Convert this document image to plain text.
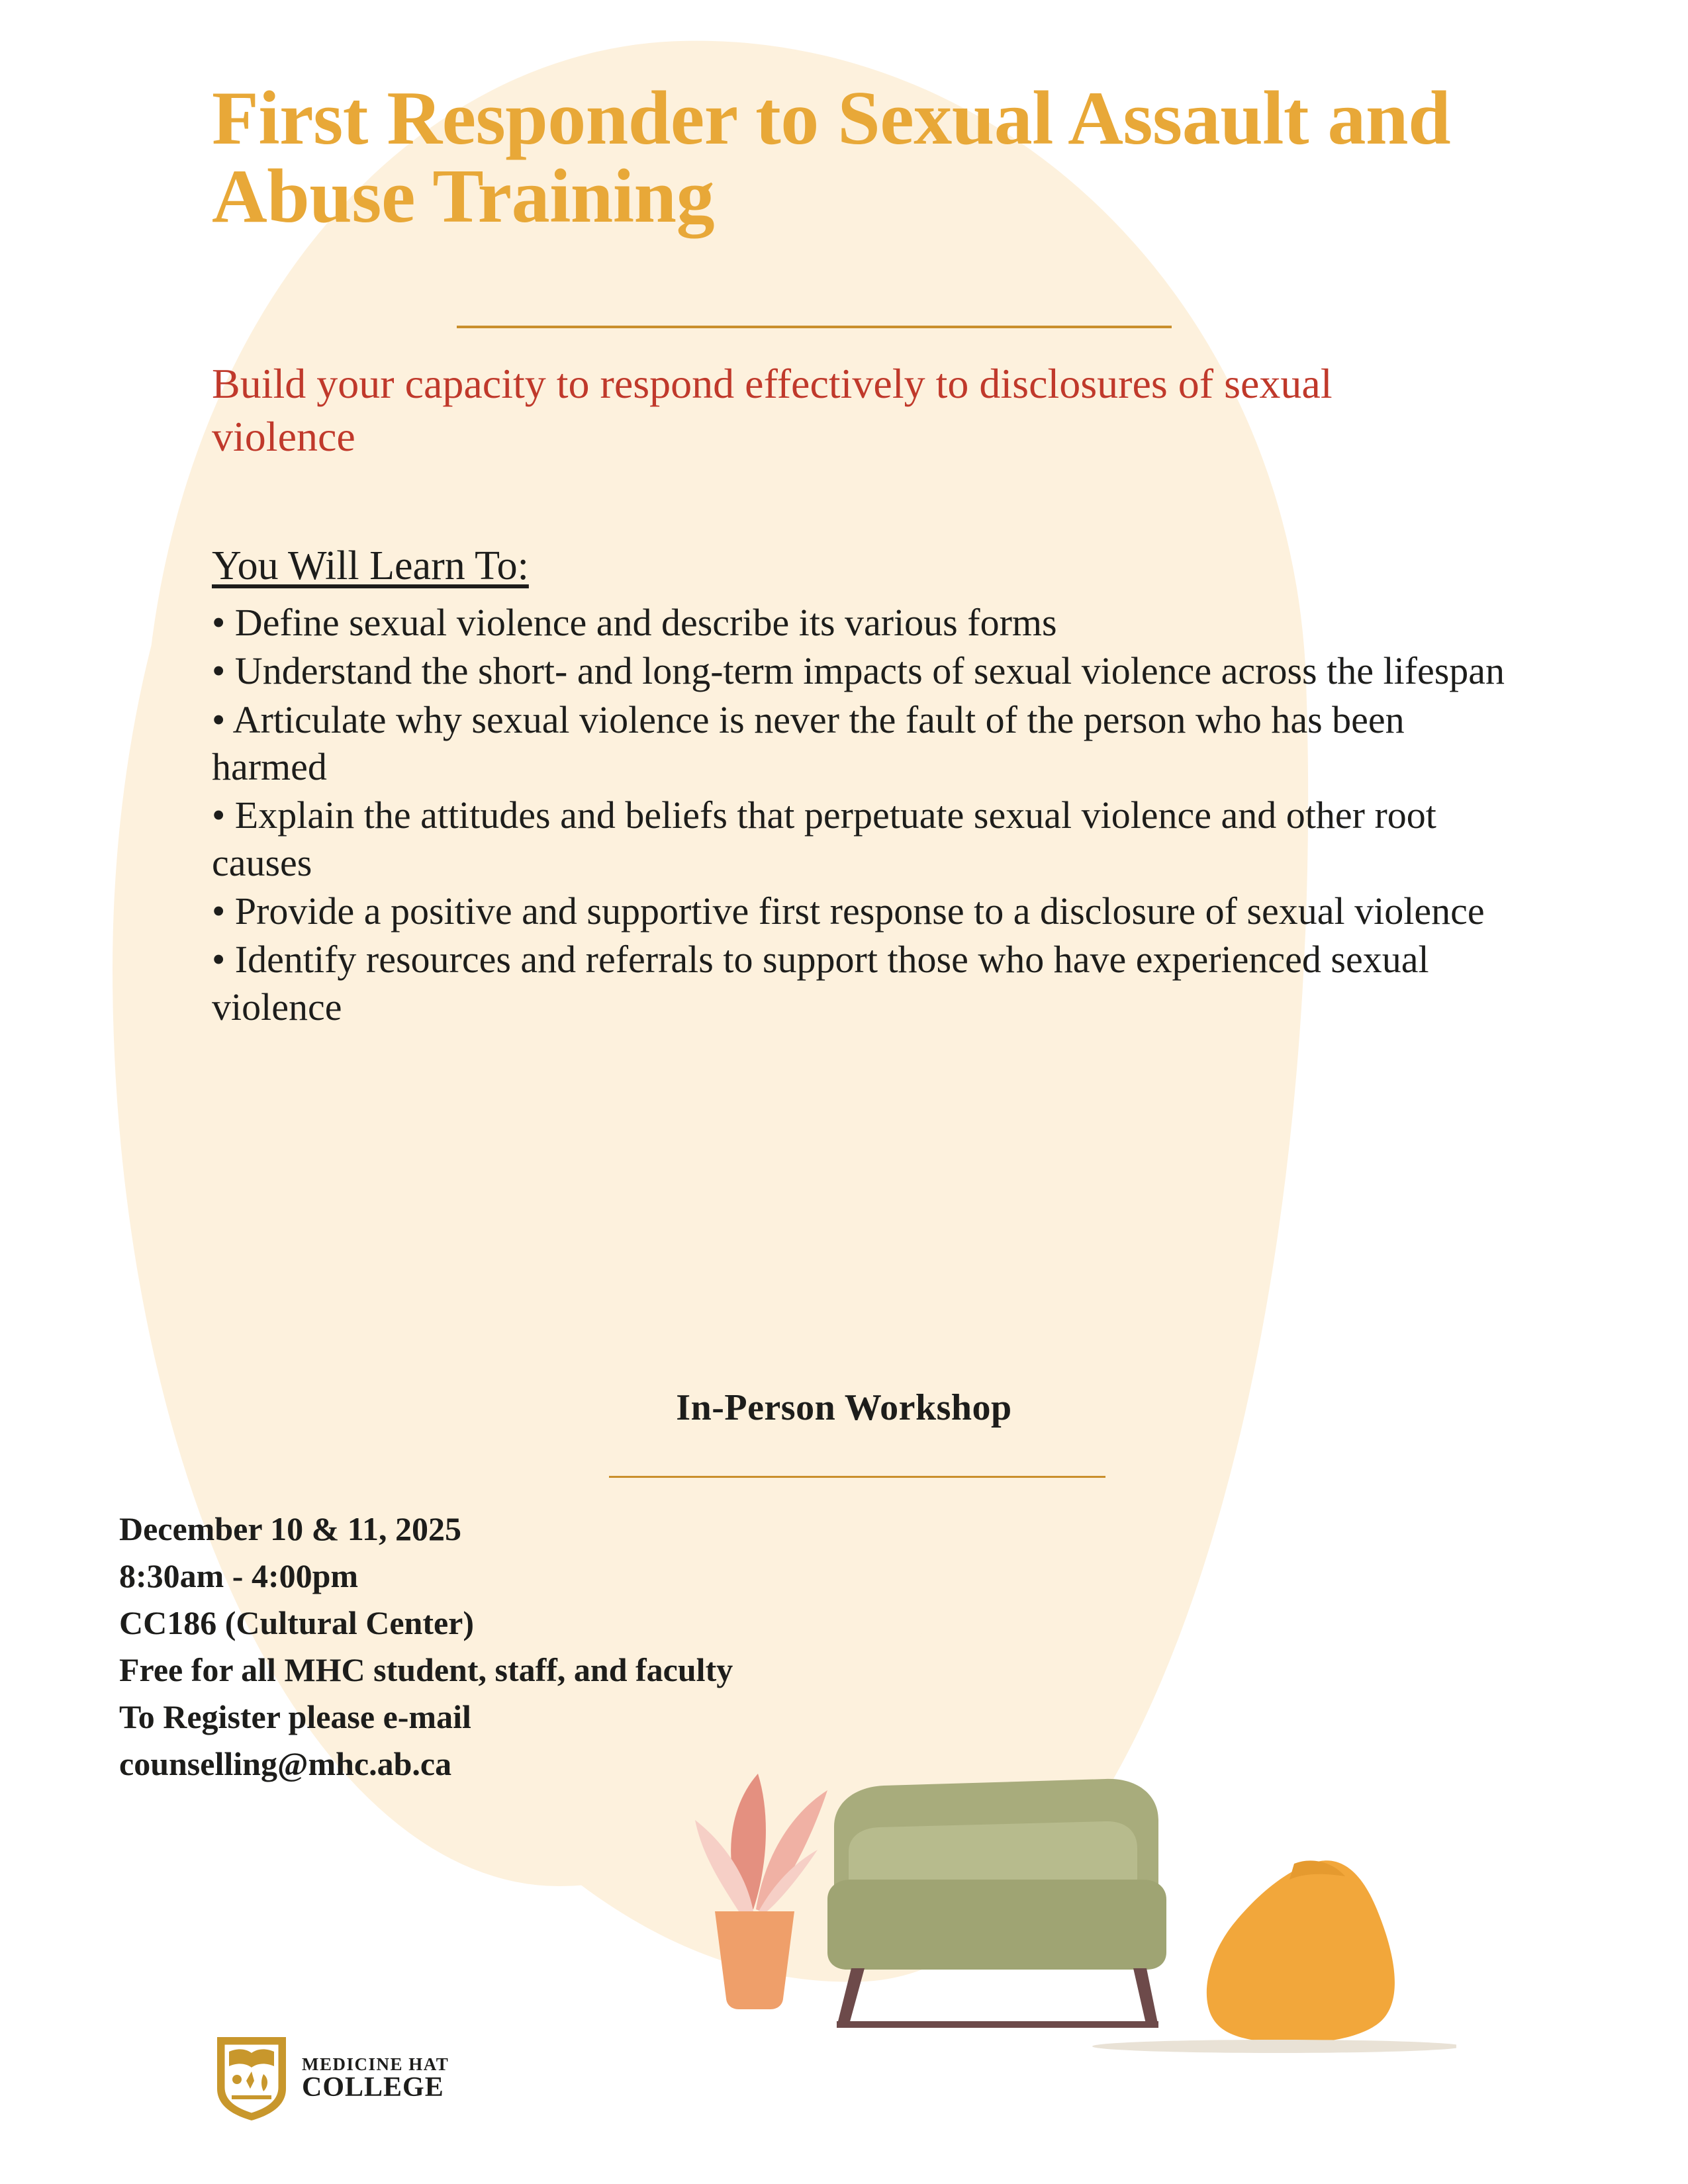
First Responder to Sexual Assault and Abuse Training
Build your capacity to respond effectively to disclosures of sexual violence
You Will Learn To:
• Define sexual violence and describe its various forms
• Understand the short- and long-term impacts of sexual violence across the lifespan
• Articulate why sexual violence is never the fault of the person who has been harmed
• Explain the attitudes and beliefs that perpetuate sexual violence and other root causes
• Provide a positive and supportive first response to a disclosure of sexual violence
• Identify resources and referrals to support those who have experienced sexual violence
In-Person Workshop
December 10 & 11, 2025
8:30am - 4:00pm
CC186 (Cultural Center)
Free for all MHC student, staff, and faculty
To Register please e-mail
counselling@mhc.ab.ca
MEDICINE HAT
COLLEGE
